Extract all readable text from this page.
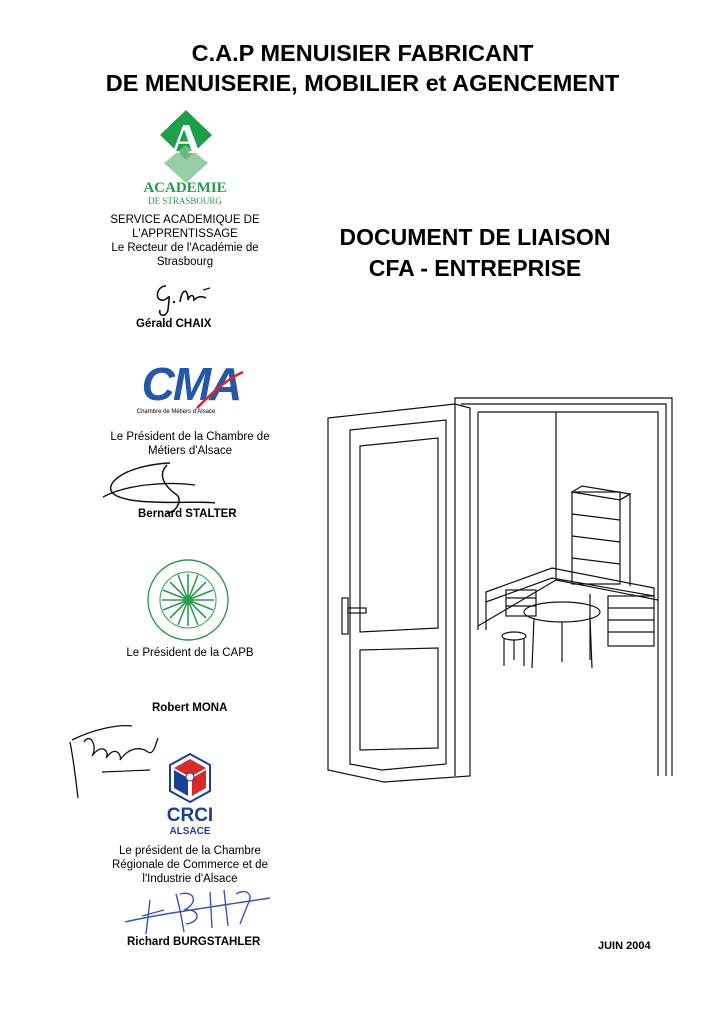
C.A.P MENUISIER FABRICANT
DE MENUISERIE, MOBILIER et AGENCEMENT
DOCUMENT DE LIAISON
CFA - ENTREPRISE
A
ACADEMIE
DE STRASBOURG
SERVICE ACADEMIQUE DE
L'APPRENTISSAGE
Le Recteur de l'Académie de
Strasbourg
Gérald CHAIX
CMA
Chambre de Métiers d'Alsace
Le Président de la Chambre de
Métiers d'Alsace
Bernard STALTER
Le Président de la CAPB
Robert MONA
CRCI
ALSACE
Le président de la Chambre
Régionale de Commerce et de
l'Industrie d'Alsace
Richard BURGSTAHLER	JUIN 2004
